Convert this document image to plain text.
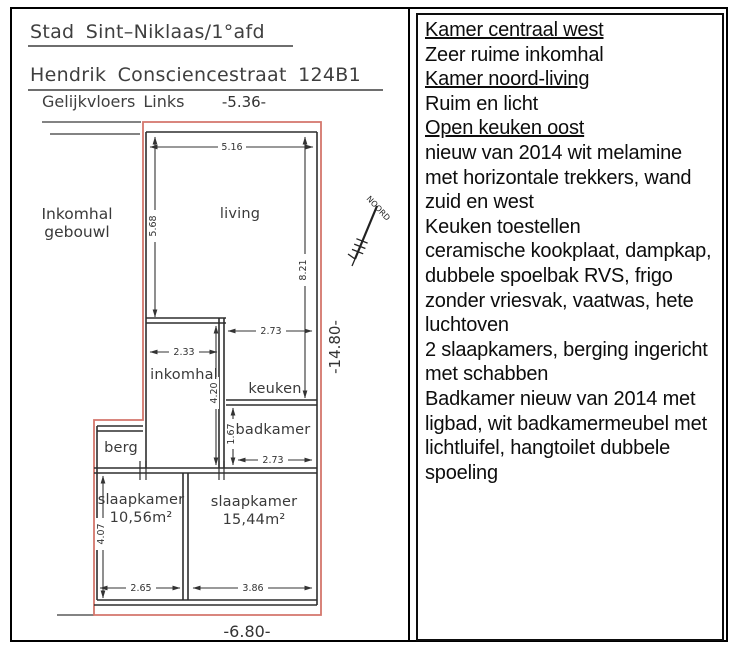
Stad Sint–Niklaas/1°afd
Hendrik Consciencestraat 124B1
Gelijkvloers Links -5.36-
5.16
2.73
2.33
2.73
2.65	3.86
5.68
8.21
4.20
1.67
4.07
-14.80-
-6.80-
living
inkomhal
keuken
badkamer
berg
slaapkamer
10,56m²
slaapkamer
15,44m²
Inkomhal
gebouwl
NOORD
Kamer centraal west
Zeer ruime inkomhal
Kamer noord-living
Ruim en licht
Open keuken oost
nieuw van 2014 wit melamine
met horizontale trekkers, wand
zuid en west
Keuken toestellen
ceramische kookplaat, dampkap,
dubbele spoelbak RVS, frigo
zonder vriesvak, vaatwas, hete
luchtoven
2 slaapkamers, berging ingericht
met schabben
Badkamer nieuw van 2014 met
ligbad, wit badkamermeubel met
lichtluifel, hangtoilet dubbele
spoeling
